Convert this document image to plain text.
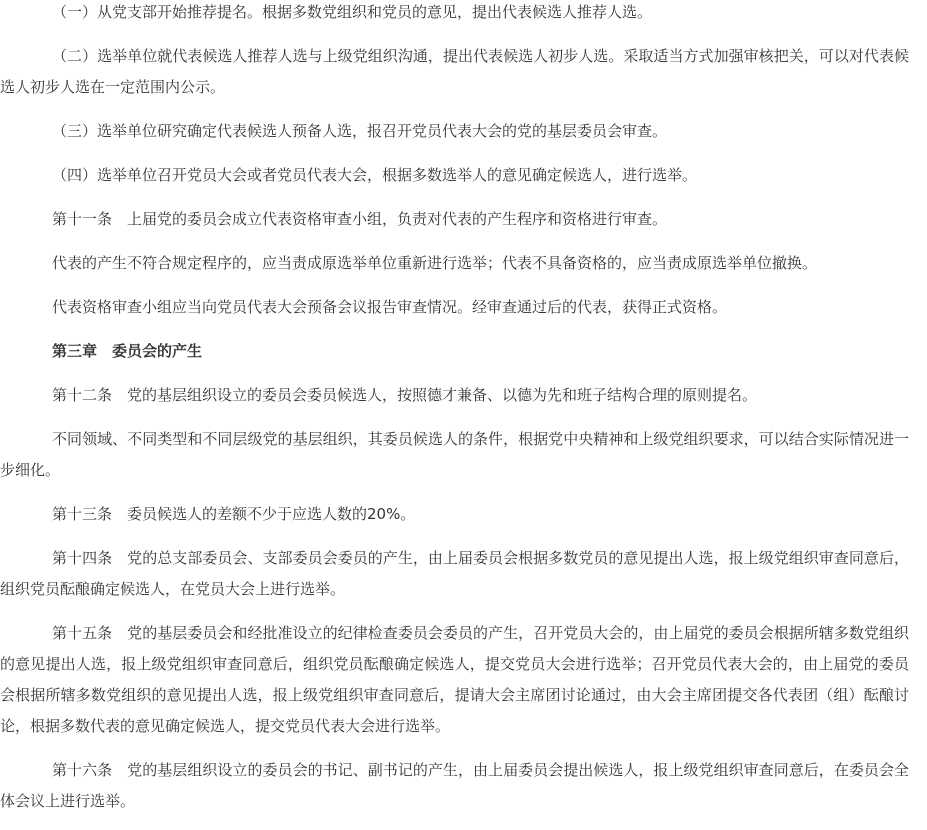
（一）从党支部开始推荐提名。根据多数党组织和党员的意见，提出代表候选人推荐人选。

（二）选举单位就代表候选人推荐人选与上级党组织沟通，提出代表候选人初步人选。采取适当方式加强审核把关，可以对代表候选人初步人选在一定范围内公示。

（三）选举单位研究确定代表候选人预备人选，报召开党员代表大会的党的基层委员会审查。

（四）选举单位召开党员大会或者党员代表大会，根据多数选举人的意见确定候选人，进行选举。

第十一条　上届党的委员会成立代表资格审查小组，负责对代表的产生程序和资格进行审查。

代表的产生不符合规定程序的，应当责成原选举单位重新进行选举；代表不具备资格的，应当责成原选举单位撤换。

代表资格审查小组应当向党员代表大会预备会议报告审查情况。经审查通过后的代表，获得正式资格。

第三章　委员会的产生

第十二条　党的基层组织设立的委员会委员候选人，按照德才兼备、以德为先和班子结构合理的原则提名。

不同领域、不同类型和不同层级党的基层组织，其委员候选人的条件，根据党中央精神和上级党组织要求，可以结合实际情况进一步细化。

第十三条　委员候选人的差额不少于应选人数的20%。

第十四条　党的总支部委员会、支部委员会委员的产生，由上届委员会根据多数党员的意见提出人选，报上级党组织审查同意后，组织党员酝酿确定候选人，在党员大会上进行选举。

第十五条　党的基层委员会和经批准设立的纪律检查委员会委员的产生，召开党员大会的，由上届党的委员会根据所辖多数党组织的意见提出人选，报上级党组织审查同意后，组织党员酝酿确定候选人，提交党员大会进行选举；召开党员代表大会的，由上届党的委员会根据所辖多数党组织的意见提出人选，报上级党组织审查同意后，提请大会主席团讨论通过，由大会主席团提交各代表团（组）酝酿讨论，根据多数代表的意见确定候选人，提交党员代表大会进行选举。

第十六条　党的基层组织设立的委员会的书记、副书记的产生，由上届委员会提出候选人，报上级党组织审查同意后，在委员会全体会议上进行选举。
